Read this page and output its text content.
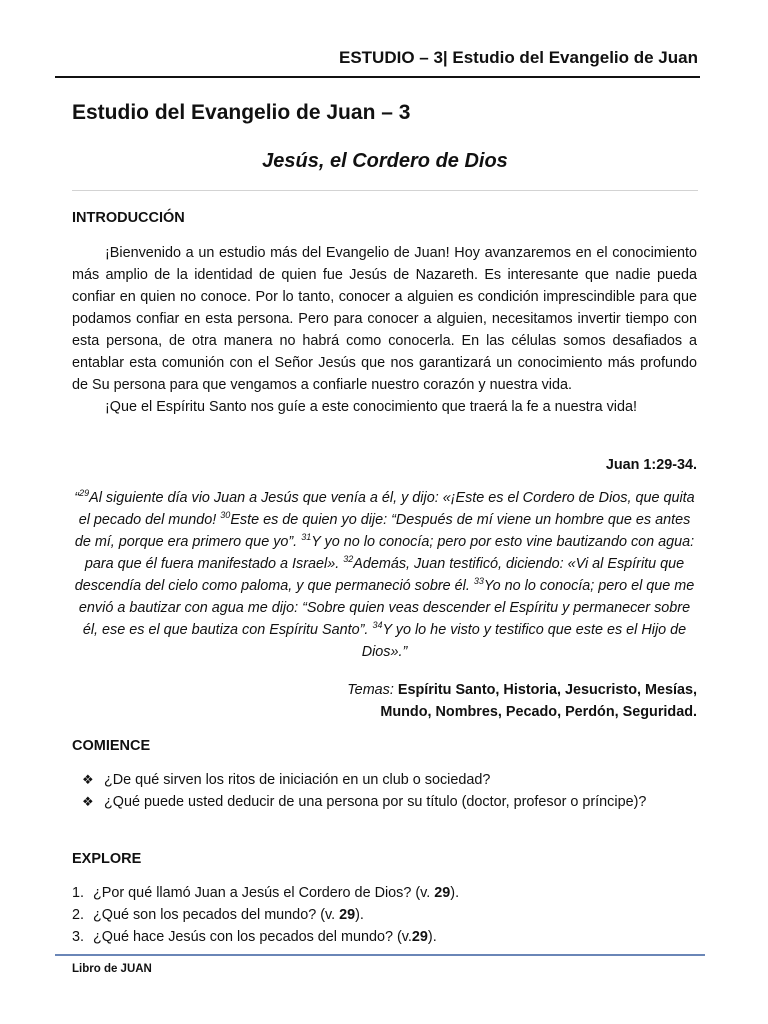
ESTUDIO – 3| Estudio del Evangelio de Juan
Estudio del Evangelio de Juan – 3
Jesús, el Cordero de Dios
INTRODUCCIÓN

¡Bienvenido a un estudio más del Evangelio de Juan! Hoy avanzaremos en el conocimiento más amplio de la identidad de quien fue Jesús de Nazareth. Es interesante que nadie pueda confiar en quien no conoce. Por lo tanto, conocer a alguien es condición imprescindible para que podamos confiar en esta persona. Pero para conocer a alguien, necesitamos invertir tiempo con esta persona, de otra manera no habrá como conocerla. En las células somos desafiados a entablar esta comunión con el Señor Jesús que nos garantizará un conocimiento más profundo de Su persona para que vengamos a confiarle nuestro corazón y nuestra vida.

¡Que el Espíritu Santo nos guíe a este conocimiento que traerá la fe a nuestra vida!

Juan 1:29-34.
“$^{29}$Al siguiente día vio Juan a Jesús que venía a él, y dijo: «¡Este es el Cordero de Dios, que quita el pecado del mundo! $^{30}$Este es de quien yo dije: “Después de mí viene un hombre que es antes de mí, porque era primero que yo”. $^{31}$Y yo no lo conocía; pero por esto vine bautizando con agua: para que él fuera manifestado a Israel». $^{32}$Además, Juan testificó, diciendo: «Vi al Espíritu que descendía del cielo como paloma, y que permaneció sobre él. $^{33}$Yo no lo conocía; pero el que me envió a bautizar con agua me dijo: “Sobre quien veas descender el Espíritu y permanecer sobre él, ese es el que bautiza con Espíritu Santo”. $^{34}$Y yo lo he visto y testifico que este es el Hijo de Dios».”
Temas: Espíritu Santo, Historia, Jesucristo, Mesías,
Mundo, Nombres, Pecado, Perdón, Seguridad.
COMIENCE
❖ ¿De qué sirven los ritos de iniciación en un club o sociedad?
❖ ¿Qué puede usted deducir de una persona por su título (doctor, profesor o príncipe)?
EXPLORE
1. ¿Por qué llamó Juan a Jesús el Cordero de Dios? (v. 29).
2. ¿Qué son los pecados del mundo? (v. 29).
3. ¿Qué hace Jesús con los pecados del mundo? (v.29).
Libro de JUAN
